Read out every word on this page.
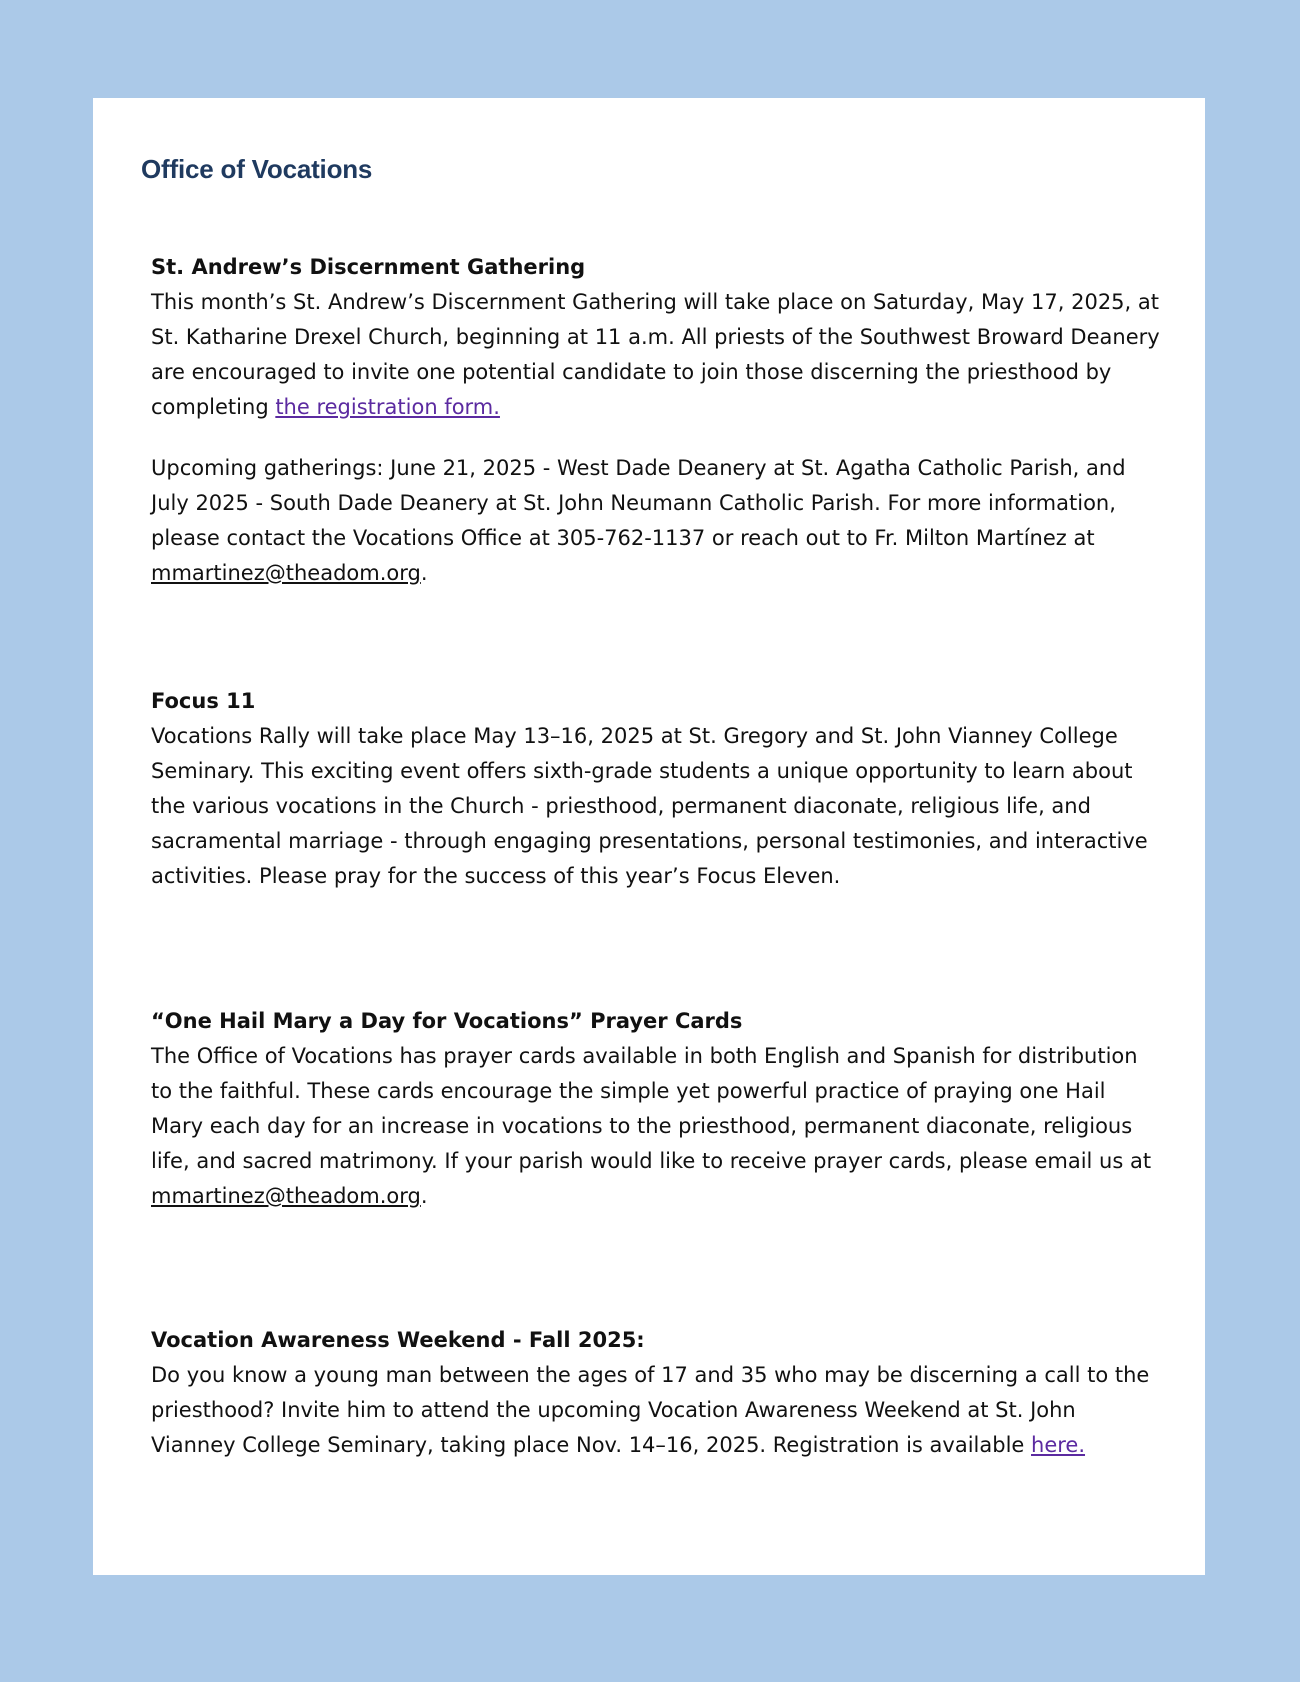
Office of Vocations
St. Andrew’s Discernment Gathering

This month’s St. Andrew’s Discernment Gathering will take place on Saturday, May 17, 2025, at St. Katharine Drexel Church, beginning at 11 a.m. All priests of the Southwest Broward Deanery are encouraged to invite one potential candidate to join those discerning the priesthood by completing the registration form.

Upcoming gatherings: June 21, 2025 - West Dade Deanery at St. Agatha Catholic Parish, and July 2025 - South Dade Deanery at St. John Neumann Catholic Parish. For more information, please contact the Vocations Office at 305-762-1137 or reach out to Fr. Milton Martínez at mmartinez@theadom.org.

Focus 11

Vocations Rally will take place May 13–16, 2025 at St. Gregory and St. John Vianney College Seminary. This exciting event offers sixth-grade students a unique opportunity to learn about the various vocations in the Church - priesthood, permanent diaconate, religious life, and sacramental marriage - through engaging presentations, personal testimonies, and interactive activities. Please pray for the success of this year’s Focus Eleven.

“One Hail Mary a Day for Vocations” Prayer Cards

The Office of Vocations has prayer cards available in both English and Spanish for distribution to the faithful. These cards encourage the simple yet powerful practice of praying one Hail Mary each day for an increase in vocations to the priesthood, permanent diaconate, religious life, and sacred matrimony. If your parish would like to receive prayer cards, please email us at mmartinez@theadom.org.

Vocation Awareness Weekend - Fall 2025:

Do you know a young man between the ages of 17 and 35 who may be discerning a call to the priesthood? Invite him to attend the upcoming Vocation Awareness Weekend at St. John Vianney College Seminary, taking place Nov. 14–16, 2025. Registration is available here.
